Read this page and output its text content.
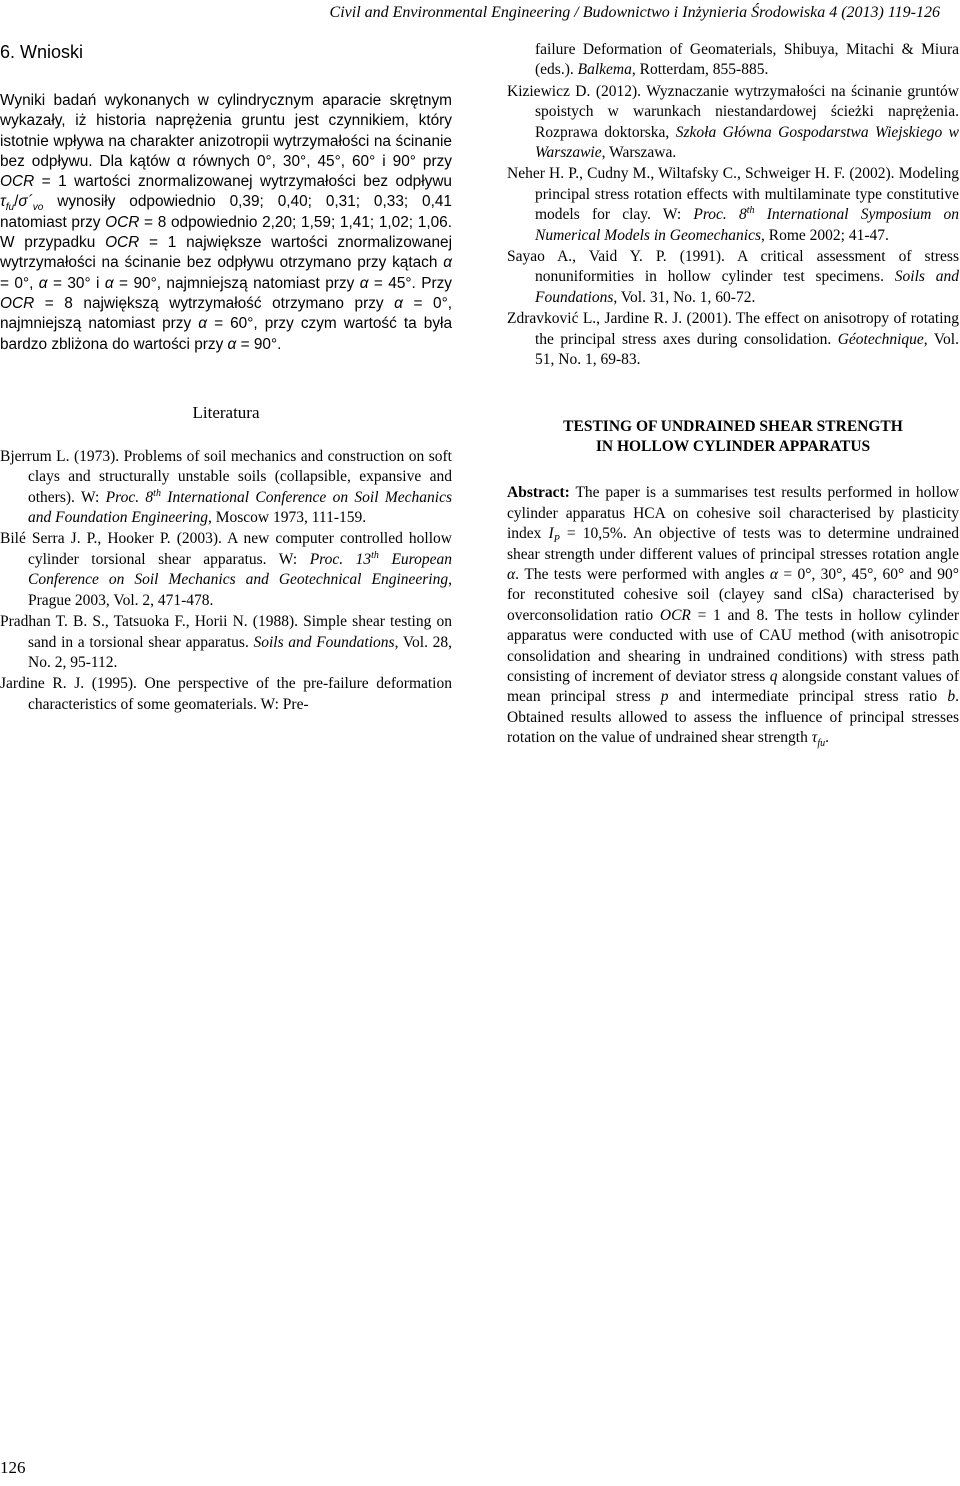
Civil and Environmental Engineering / Budownictwo i Inżynieria Środowiska 4 (2013) 119-126
6. Wnioski

Wyniki badań wykonanych w cylindrycznym aparacie skrętnym wykazały, iż historia naprężenia gruntu jest czynnikiem, który istotnie wpływa na charakter anizotropii wytrzymałości na ścinanie bez odpływu. Dla kątów α równych 0°, 30°, 45°, 60° i 90° przy OCR = 1 wartości znormalizowanej wytrzymałości bez odpływu $\tau_{fu}/\sigma´_{vo}$ wynosiły odpowiednio 0,39; 0,40; 0,31; 0,33; 0,41 natomiast przy OCR = 8 odpowiednio 2,20; 1,59; 1,41; 1,02; 1,06. W przypadku OCR = 1 największe wartości znormalizowanej wytrzymałości na ścinanie bez odpływu otrzymano przy kątach α = 0°, α = 30° i α = 90°, najmniejszą natomiast przy α = 45°. Przy OCR = 8 największą wytrzymałość otrzymano przy α = 0°, najmniejszą natomiast przy α = 60°, przy czym wartość ta była bardzo zbliżona do wartości przy α = 90°.

Literatura

Bjerrum L. (1973). Problems of soil mechanics and construction on soft clays and structurally unstable soils (collapsible, expansive and others). W: Proc. 8th International Conference on Soil Mechanics and Foundation Engineering, Moscow 1973, 111-159.

Bilé Serra J. P., Hooker P. (2003). A new computer controlled hollow cylinder torsional shear apparatus. W: Proc. 13th European Conference on Soil Mechanics and Geotechnical Engineering, Prague 2003, Vol. 2, 471-478.

Pradhan T. B. S., Tatsuoka F., Horii N. (1988). Simple shear testing on sand in a torsional shear apparatus. Soils and Foundations, Vol. 28, No. 2, 95-112.

Jardine R. J. (1995). One perspective of the pre-failure deformation characteristics of some geomaterials. W: Pre-

failure Deformation of Geomaterials, Shibuya, Mitachi & Miura (eds.). Balkema, Rotterdam, 855-885.

Kiziewicz D. (2012). Wyznaczanie wytrzymałości na ścinanie gruntów spoistych w warunkach niestandardowej ścieżki naprężenia. Rozprawa doktorska, Szkoła Główna Gospodarstwa Wiejskiego w Warszawie, Warszawa.

Neher H. P., Cudny M., Wiltafsky C., Schweiger H. F. (2002). Modeling principal stress rotation effects with multilaminate type constitutive models for clay. W: Proc. 8th International Symposium on Numerical Models in Geomechanics, Rome 2002; 41-47.

Sayao A., Vaid Y. P. (1991). A critical assessment of stress nonuniformities in hollow cylinder test specimens. Soils and Foundations, Vol. 31, No. 1, 60-72.

Zdravković L., Jardine R. J. (2001). The effect on anisotropy of rotating the principal stress axes during consolidation. Géotechnique, Vol. 51, No. 1, 69-83.

TESTING OF UNDRAINED SHEAR STRENGTH
IN HOLLOW CYLINDER APPARATUS

Abstract: The paper is a summarises test results performed in hollow cylinder apparatus HCA on cohesive soil characterised by plasticity index $I_P = 10,5\%$. An objective of tests was to determine undrained shear strength under different values of principal stresses rotation angle α. The tests were performed with angles α = 0°, 30°, 45°, 60° and 90° for reconstituted cohesive soil (clayey sand clSa) characterised by overconsolidation ratio OCR = 1 and 8. The tests in hollow cylinder apparatus were conducted with use of CAU method (with anisotropic consolidation and shearing in undrained conditions) with stress path consisting of increment of deviator stress q alongside constant values of mean principal stress p and intermediate principal stress ratio b. Obtained results allowed to assess the influence of principal stresses rotation on the value of undrained shear strength $\tau_{fu}$.

126
